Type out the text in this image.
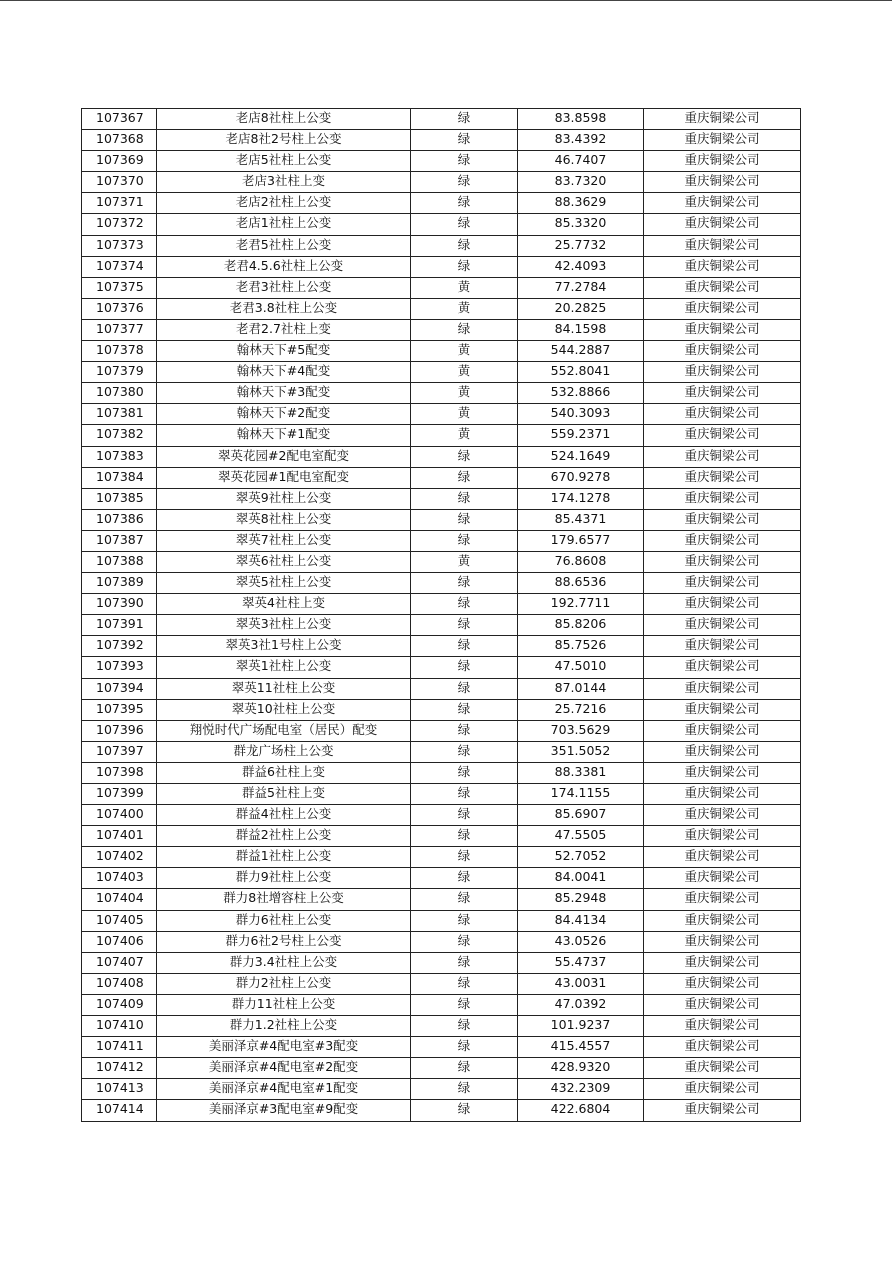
107367	老店8社柱上公变	绿	83.8598	重庆铜梁公司
107368	老店8社2号柱上公变	绿	83.4392	重庆铜梁公司
107369	老店5社柱上公变	绿	46.7407	重庆铜梁公司
107370	老店3社柱上变	绿	83.7320	重庆铜梁公司
107371	老店2社柱上公变	绿	88.3629	重庆铜梁公司
107372	老店1社柱上公变	绿	85.3320	重庆铜梁公司
107373	老君5社柱上公变	绿	25.7732	重庆铜梁公司
107374	老君4.5.6社柱上公变	绿	42.4093	重庆铜梁公司
107375	老君3社柱上公变	黄	77.2784	重庆铜梁公司
107376	老君3.8社柱上公变	黄	20.2825	重庆铜梁公司
107377	老君2.7社柱上变	绿	84.1598	重庆铜梁公司
107378	翰林天下#5配变	黄	544.2887	重庆铜梁公司
107379	翰林天下#4配变	黄	552.8041	重庆铜梁公司
107380	翰林天下#3配变	黄	532.8866	重庆铜梁公司
107381	翰林天下#2配变	黄	540.3093	重庆铜梁公司
107382	翰林天下#1配变	黄	559.2371	重庆铜梁公司
107383	翠英花园#2配电室配变	绿	524.1649	重庆铜梁公司
107384	翠英花园#1配电室配变	绿	670.9278	重庆铜梁公司
107385	翠英9社柱上公变	绿	174.1278	重庆铜梁公司
107386	翠英8社柱上公变	绿	85.4371	重庆铜梁公司
107387	翠英7社柱上公变	绿	179.6577	重庆铜梁公司
107388	翠英6社柱上公变	黄	76.8608	重庆铜梁公司
107389	翠英5社柱上公变	绿	88.6536	重庆铜梁公司
107390	翠英4社柱上变	绿	192.7711	重庆铜梁公司
107391	翠英3社柱上公变	绿	85.8206	重庆铜梁公司
107392	翠英3社1号柱上公变	绿	85.7526	重庆铜梁公司
107393	翠英1社柱上公变	绿	47.5010	重庆铜梁公司
107394	翠英11社柱上公变	绿	87.0144	重庆铜梁公司
107395	翠英10社柱上公变	绿	25.7216	重庆铜梁公司
107396	翔悦时代广场配电室（居民）配变	绿	703.5629	重庆铜梁公司
107397	群龙广场柱上公变	绿	351.5052	重庆铜梁公司
107398	群益6社柱上变	绿	88.3381	重庆铜梁公司
107399	群益5社柱上变	绿	174.1155	重庆铜梁公司
107400	群益4社柱上公变	绿	85.6907	重庆铜梁公司
107401	群益2社柱上公变	绿	47.5505	重庆铜梁公司
107402	群益1社柱上公变	绿	52.7052	重庆铜梁公司
107403	群力9社柱上公变	绿	84.0041	重庆铜梁公司
107404	群力8社增容柱上公变	绿	85.2948	重庆铜梁公司
107405	群力6社柱上公变	绿	84.4134	重庆铜梁公司
107406	群力6社2号柱上公变	绿	43.0526	重庆铜梁公司
107407	群力3.4社柱上公变	绿	55.4737	重庆铜梁公司
107408	群力2社柱上公变	绿	43.0031	重庆铜梁公司
107409	群力11社柱上公变	绿	47.0392	重庆铜梁公司
107410	群力1.2社柱上公变	绿	101.9237	重庆铜梁公司
107411	美丽泽京#4配电室#3配变	绿	415.4557	重庆铜梁公司
107412	美丽泽京#4配电室#2配变	绿	428.9320	重庆铜梁公司
107413	美丽泽京#4配电室#1配变	绿	432.2309	重庆铜梁公司
107414	美丽泽京#3配电室#9配变	绿	422.6804	重庆铜梁公司
